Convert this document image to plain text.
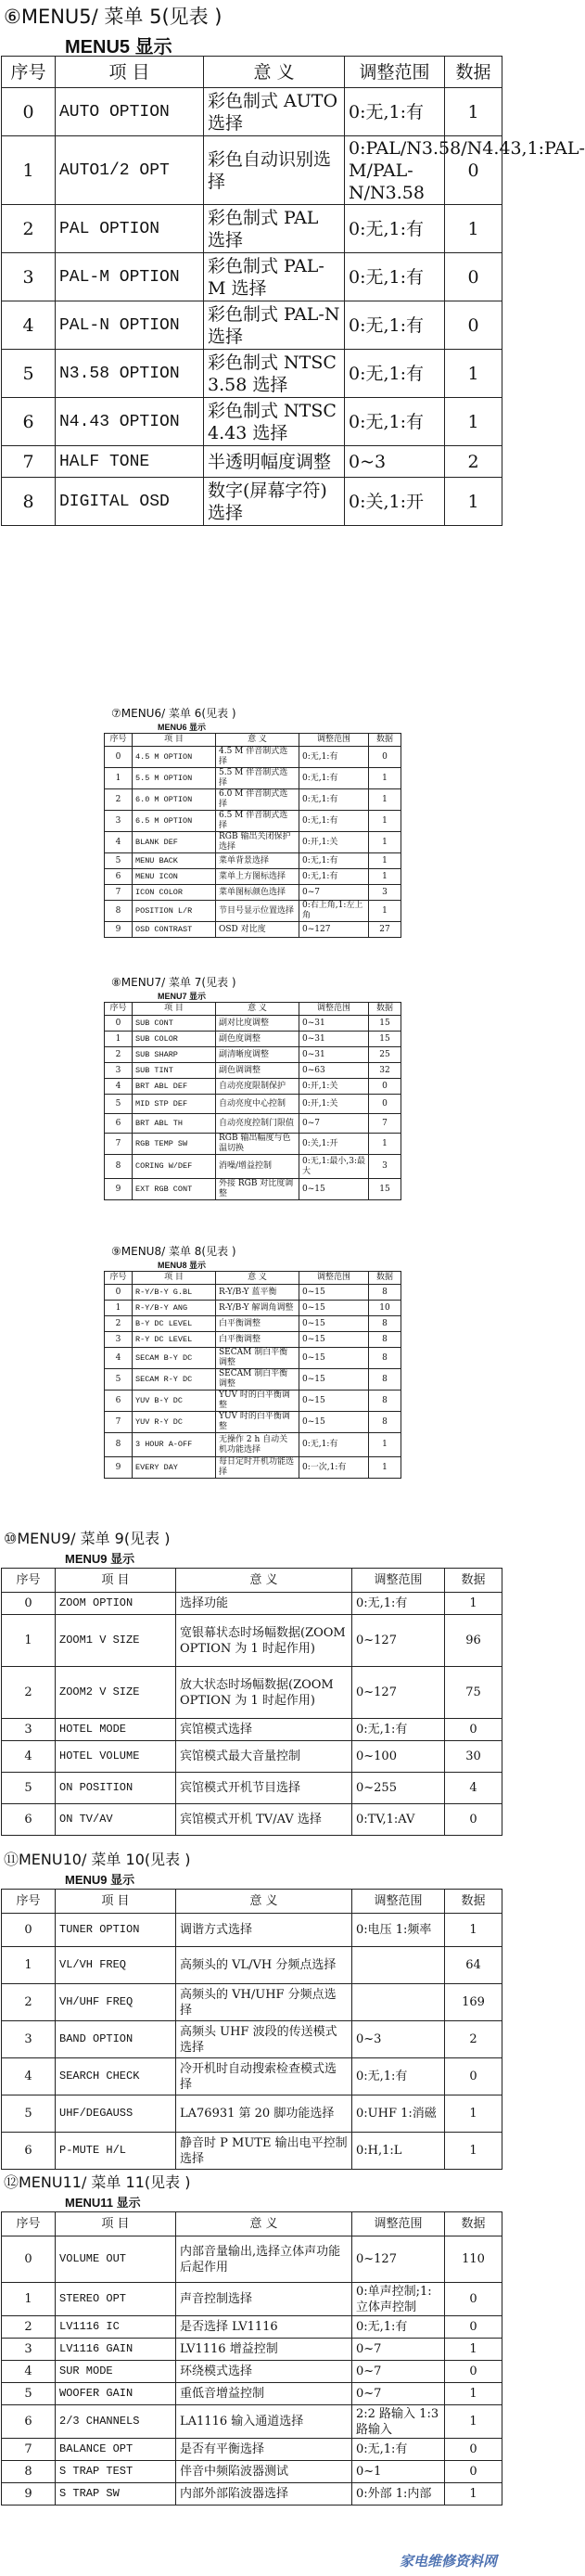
⑥MENU5/ 菜单 5(见表 )
MENU5 显示
序号	项 目	意 义	调整范围	数据
0	AUTO OPTION	彩色制式 AUTO 选择	0:无,1:有	1
1	AUTO1/2 OPT	彩色自动识别选择	0:PAL/N3.58/N4.43,1:PAL-M/PAL-N/N3.58	0
2	PAL OPTION	彩色制式 PAL 选择	0:无,1:有	1
3	PAL-M OPTION	彩色制式 PAL-M 选择	0:无,1:有	0
4	PAL-N OPTION	彩色制式 PAL-N 选择	0:无,1:有	0
5	N3.58 OPTION	彩色制式 NTSC 3.58 选择	0:无,1:有	1
6	N4.43 OPTION	彩色制式 NTSC 4.43 选择	0:无,1:有	1
7	HALF TONE	半透明幅度调整	0~3	2
8	DIGITAL OSD	数字(屏幕字符)选择	0:关,1:开	1
⑦MENU6/ 菜单 6(见表 )
MENU6 显示
序号	项 目	意 义	调整范围	数据
0	4.5 M OPTION	4.5 M 伴音制式选择	0:无,1:有	0
1	5.5 M OPTION	5.5 M 伴音制式选择	0:无,1:有	1
2	6.0 M OPTION	6.0 M 伴音制式选择	0:无,1:有	1
3	6.5 M OPTION	6.5 M 伴音制式选择	0:无,1:有	1
4	BLANK DEF	RGB 输出关闭保护选择	0:开,1:关	1
5	MENU BACK	菜单背景选择	0:无,1:有	1
6	MENU ICON	菜单上方图标选择	0:无,1:有	1
7	ICON COLOR	菜单图标颜色选择	0~7	3
8	POSITION L/R	节目号显示位置选择	0:右上角,1:左上角	1
9	OSD CONTRAST	OSD 对比度	0~127	27
⑧MENU7/ 菜单 7(见表 )
MENU7 显示
序号	项 目	意 义	调整范围	数据
0	SUB CONT	副对比度调整	0~31	15
1	SUB COLOR	副色度调整	0~31	15
2	SUB SHARP	副清晰度调整	0~31	25
3	SUB TINT	副色调调整	0~63	32
4	BRT ABL DEF	自动亮度限制保护	0:开,1:关	0
5	MID STP DEF	自动亮度中心控制	0:开,1:关	0
6	BRT ABL TH	自动亮度控制门限值	0~7	7
7	RGB TEMP SW	RGB 输出幅度与色温切换	0:关,1:开	1
8	CORING W/DEF	消噪/增益控制	0:无,1:最小,3:最大	3
9	EXT RGB CONT	外接 RGB 对比度调整	0~15	15
⑨MENU8/ 菜单 8(见表 )
MENU8 显示
序号	项 目	意 义	调整范围	数据
0	R-Y/B-Y G.BL	R-Y/B-Y 蓝平衡	0~15	8
1	R-Y/B-Y ANG	R-Y/B-Y 解调角调整	0~15	10
2	B-Y DC LEVEL	白平衡调整	0~15	8
3	R-Y DC LEVEL	白平衡调整	0~15	8
4	SECAM B-Y DC	SECAM 制白平衡调整	0~15	8
5	SECAM R-Y DC	SECAM 制白平衡调整	0~15	8
6	YUV B-Y DC	YUV 时的白平衡调整	0~15	8
7	YUV R-Y DC	YUV 时的白平衡调整	0~15	8
8	3 HOUR A-OFF	无操作 2 h 自动关机功能选择	0:无,1:有	1
9	EVERY DAY	每日定时开机功能选择	0:一次,1:有	1
⑩MENU9/ 菜单 9(见表 )
MENU9 显示
序号	项 目	意 义	调整范围	数据
0	ZOOM OPTION	选择功能	0:无,1:有	1
1	ZOOM1 V SIZE	宽银幕状态时场幅数据(ZOOM OPTION 为 1 时起作用)	0~127	96
2	ZOOM2 V SIZE	放大状态时场幅数据(ZOOM OPTION 为 1 时起作用)	0~127	75
3	HOTEL MODE	宾馆模式选择	0:无,1:有	0
4	HOTEL VOLUME	宾馆模式最大音量控制	0~100	30
5	ON POSITION	宾馆模式开机节目选择	0~255	4
6	ON TV/AV	宾馆模式开机 TV/AV 选择	0:TV,1:AV	0
⑪MENU10/ 菜单 10(见表 )
MENU9 显示
序号	项 目	意 义	调整范围	数据
0	TUNER OPTION	调谐方式选择	0:电压 1:频率	1
1	VL/VH FREQ	高频头的 VL/VH 分频点选择		64
2	VH/UHF FREQ	高频头的 VH/UHF 分频点选择		169
3	BAND OPTION	高频头 UHF 波段的传送模式选择	0~3	2
4	SEARCH CHECK	冷开机时自动搜索检查模式选择	0:无,1:有	0
5	UHF/DEGAUSS	LA76931 第 20 脚功能选择	0:UHF 1:消磁	1
6	P-MUTE H/L	静音时 P MUTE 输出电平控制选择	0:H,1:L	1
⑫MENU11/ 菜单 11(见表 )
MENU11 显示
序号	项 目	意 义	调整范围	数据
0	VOLUME OUT	内部音量输出,选择立体声功能后起作用	0~127	110
1	STEREO OPT	声音控制选择	0:单声控制;1:立体声控制	0
2	LV1116 IC	是否选择 LV1116	0:无,1:有	0
3	LV1116 GAIN	LV1116 增益控制	0~7	1
4	SUR MODE	环绕模式选择	0~7	0
5	WOOFER GAIN	重低音增益控制	0~7	1
6	2/3 CHANNELS	LA1116 输入通道选择	2:2 路输入 1:3 路输入	1
7	BALANCE OPT	是否有平衡选择	0:无,1:有	0
8	S TRAP TEST	伴音中频陷波器测试	0~1	0
9	S TRAP SW	内部外部陷波器选择	0:外部 1:内部	1
家电维修资料网
